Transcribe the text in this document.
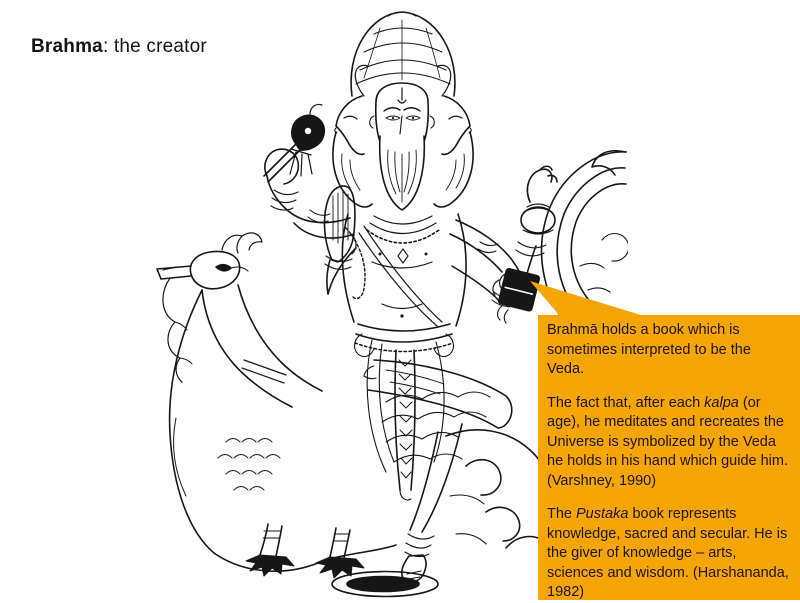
Brahma: the creator

Brahmā holds a book which is sometimes interpreted to be the Veda.

The fact that, after each kalpa (or age), he meditates and recreates the Universe is symbolized by the Veda he holds in his hand which guide him. (Varshney, 1990)

The Pustaka book represents knowledge, sacred and secular. He is the giver of knowledge – arts, sciences and wisdom. (Harshananda, 1982)
